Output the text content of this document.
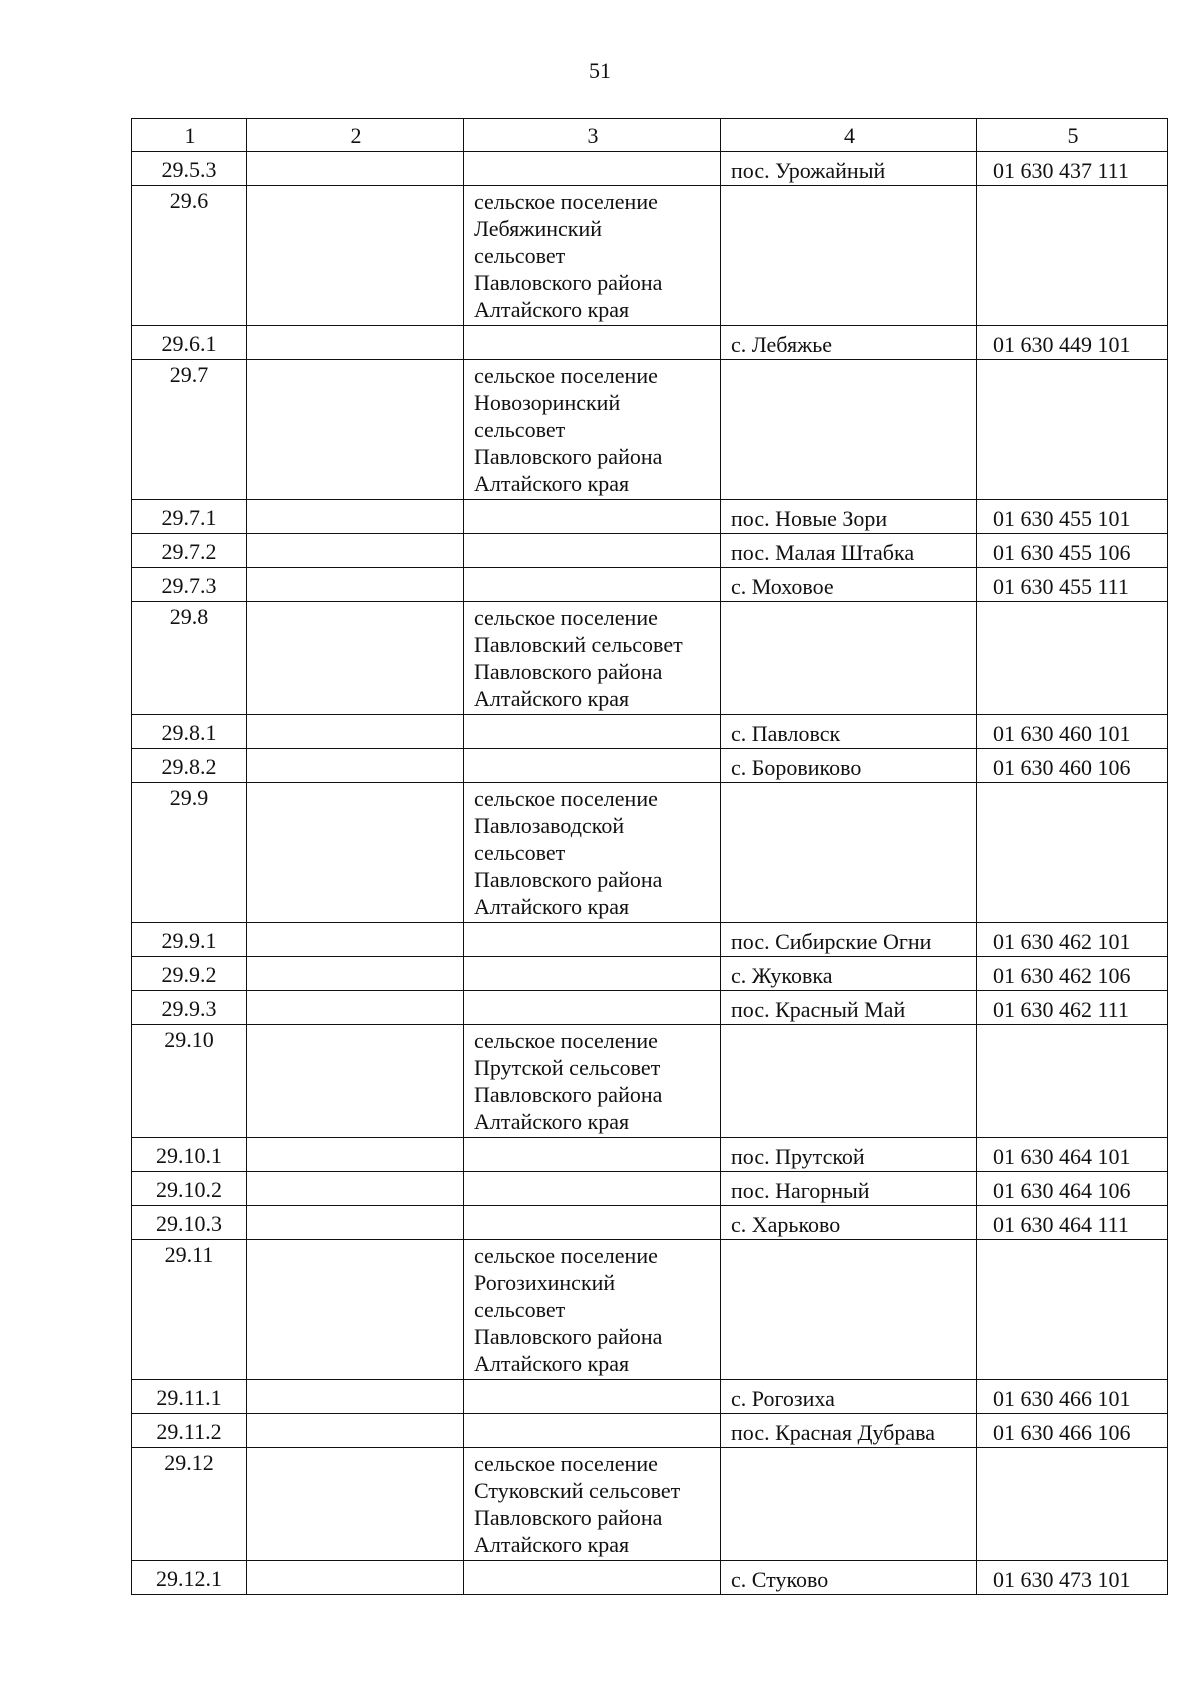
51
1	2	3	4	5
29.5.3			пос. Урожайный	01 630 437 111
29.6		сельское поселение
Лебяжинский
сельсовет
Павловского района
Алтайского края		

29.6.1			с. Лебяжье	01 630 449 101
29.7		сельское поселение
Новозоринский
сельсовет
Павловского района
Алтайского края		

29.7.1			пос. Новые Зори	01 630 455 101
29.7.2			пос. Малая Штабка	01 630 455 106
29.7.3			с. Моховое	01 630 455 111
29.8		сельское поселение
Павловский сельсовет
Павловского района
Алтайского края		

29.8.1			с. Павловск	01 630 460 101
29.8.2			с. Боровиково	01 630 460 106
29.9		сельское поселение
Павлозаводской
сельсовет
Павловского района
Алтайского края		

29.9.1			пос. Сибирские Огни	01 630 462 101
29.9.2			с. Жуковка	01 630 462 106
29.9.3			пос. Красный Май	01 630 462 111
29.10		сельское поселение
Прутской сельсовет
Павловского района
Алтайского края		

29.10.1			пос. Прутской	01 630 464 101
29.10.2			пос. Нагорный	01 630 464 106
29.10.3			с. Харьково	01 630 464 111
29.11		сельское поселение
Рогозихинский
сельсовет
Павловского района
Алтайского края		

29.11.1			с. Рогозиха	01 630 466 101
29.11.2			пос. Красная Дубрава	01 630 466 106
29.12		сельское поселение
Стуковский сельсовет
Павловского района
Алтайского края		

29.12.1			с. Стуково	01 630 473 101
